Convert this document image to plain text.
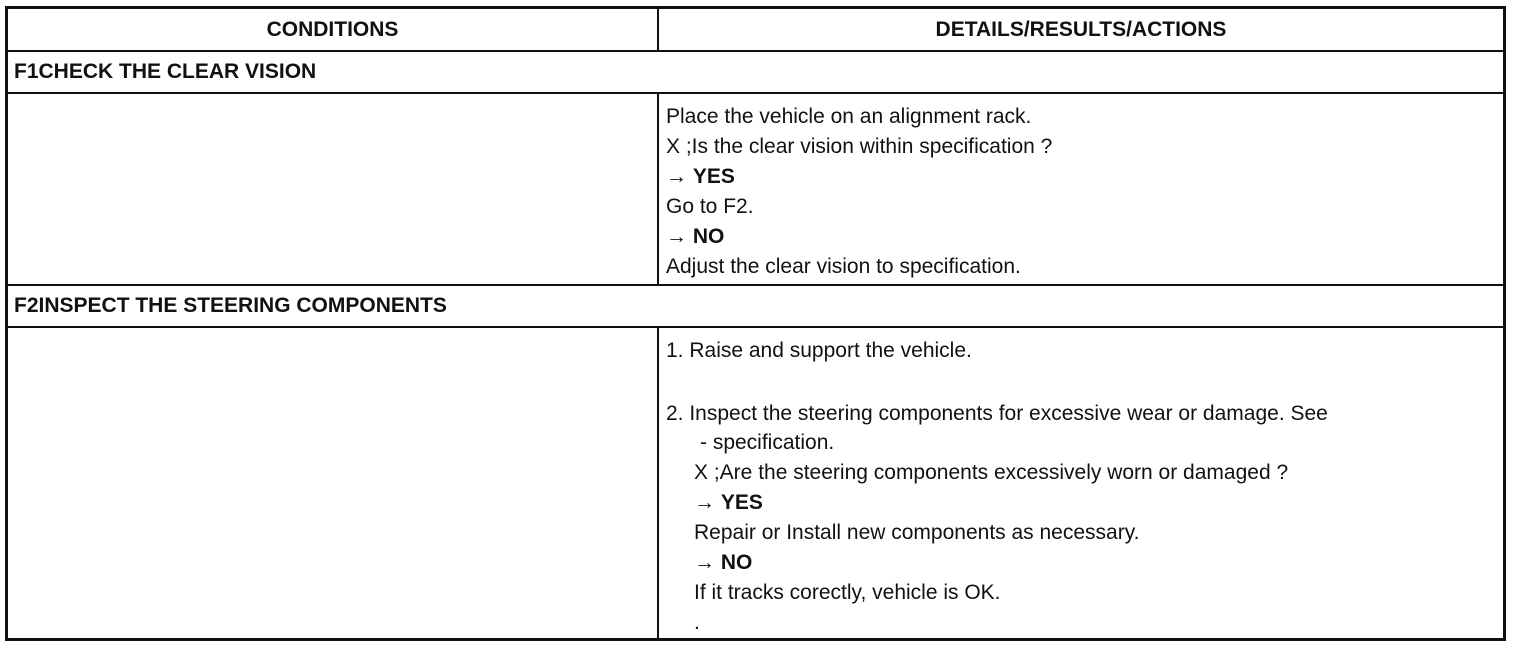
CONDITIONS	DETAILS/RESULTS/ACTIONS
F1CHECK THE CLEAR VISION
Place the vehicle on an alignment rack.
X ;Is the clear vision within specification ?
→ YES
Go to F2.
→ NO
Adjust the clear vision to specification.
F2INSPECT THE STEERING COMPONENTS
1. Raise and support the vehicle.
2. Inspect the steering components for excessive wear or damage. See
- specification.
X ;Are the steering components excessively worn or damaged ?
→ YES
Repair or Install new components as necessary.
→ NO
If it tracks corectly, vehicle is OK.
.
